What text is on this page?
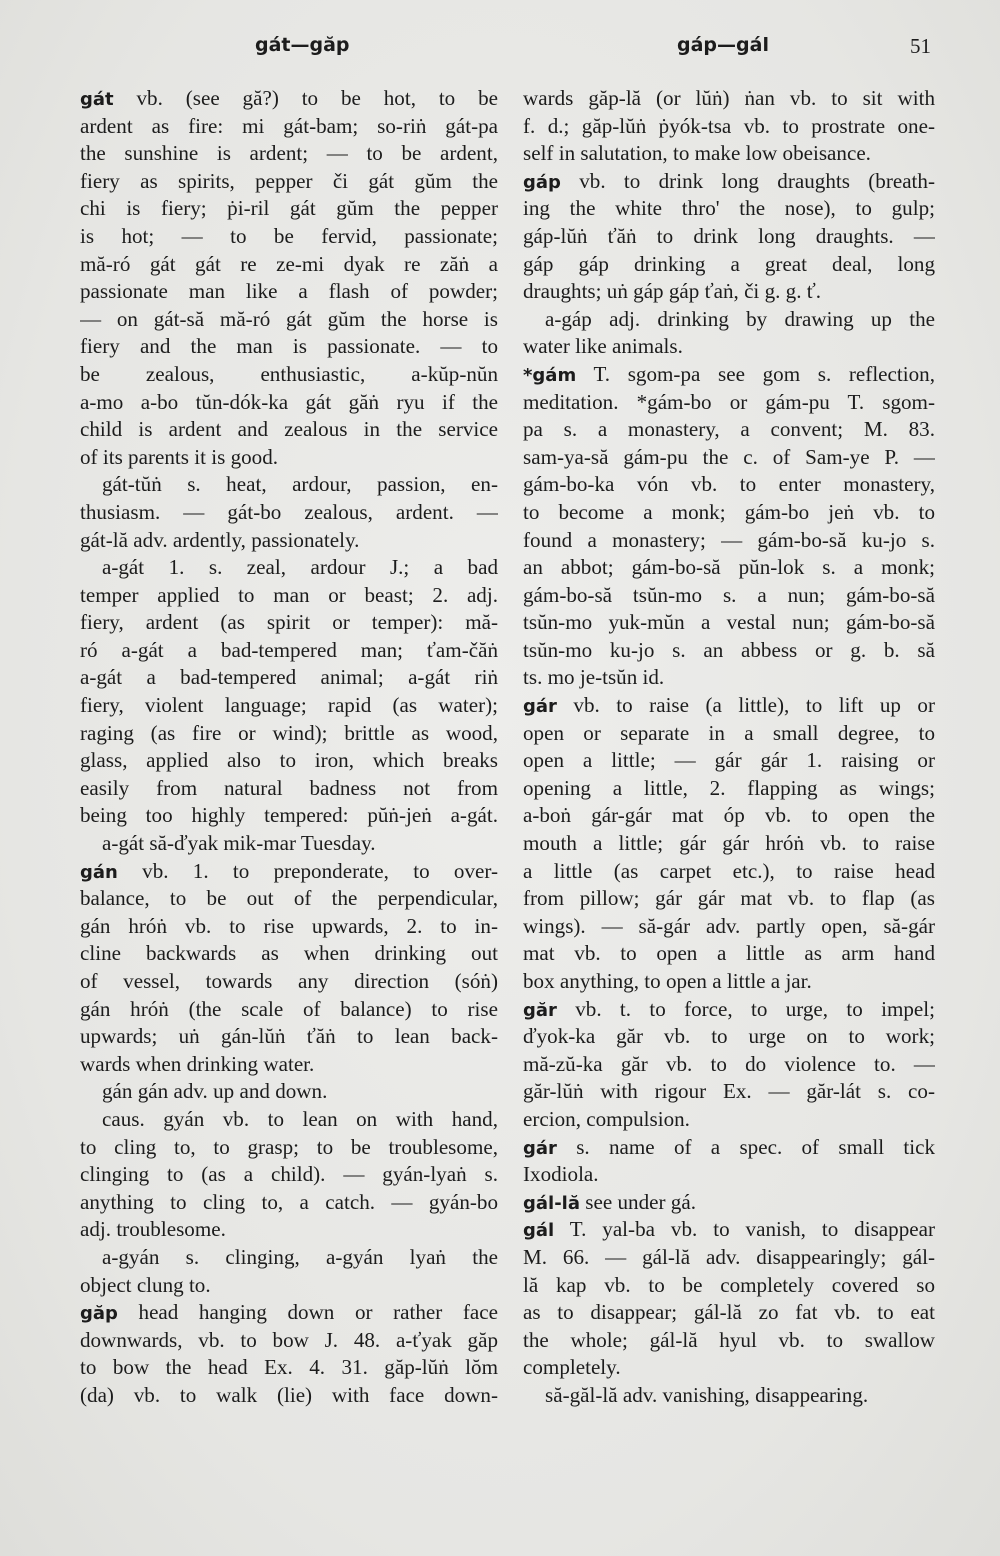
gát—găp	gáp—gál	51
gát vb. (see gă?) to be hot, to be
ardent as fire: mi gát-bam; so-riṅ gát-pa
the sunshine is ardent; — to be ardent,
fiery as spirits, pepper či gát gŭm the
chi is fiery; ṗi-ril gát gŭm the pepper
is hot; — to be fervid, passionate;
mă-ró gát gát re ze-mi dyak re zăṅ a
passionate man like a flash of powder;
— on gát-să mă-ró gát gŭm the horse is
fiery and the man is passionate. — to
be zealous, enthusiastic, a-kŭp-nŭn
a-mo a-bo tŭn-dók-ka gát găṅ ryu if the
child is ardent and zealous in the service
of its parents it is good.
gát-tŭṅ s. heat, ardour, passion, en-
thusiasm. — gát-bo zealous, ardent. —
gát-lă adv. ardently, passionately.
a-gát 1. s. zeal, ardour J.; a bad
temper applied to man or beast; 2. adj.
fiery, ardent (as spirit or temper): mă-
ró a-gát a bad-tempered man; ťam-čăṅ
a-gát a bad-tempered animal; a-gát riṅ
fiery, violent language; rapid (as water);
raging (as fire or wind); brittle as wood,
glass, applied also to iron, which breaks
easily from natural badness not from
being too highly tempered: pŭṅ-jeṅ a-gát.
a-gát să-ďyak mik-mar Tuesday.
gán vb. 1. to preponderate, to over-
balance, to be out of the perpendicular,
gán hróṅ vb. to rise upwards, 2. to in-
cline backwards as when drinking out
of vessel, towards any direction (sóṅ)
gán hróṅ (the scale of balance) to rise
upwards; uṅ gán-lŭṅ ťăṅ to lean back-
wards when drinking water.
gán gán adv. up and down.
caus. gyán vb. to lean on with hand,
to cling to, to grasp; to be troublesome,
clinging to (as a child). — gyán-lyaṅ s.
anything to cling to, a catch. — gyán-bo
adj. troublesome.
a-gyán s. clinging, a-gyán lyaṅ the
object clung to.
găp head hanging down or rather face
downwards, vb. to bow J. 48. a-ťyak găp
to bow the head Ex. 4. 31. găp-lŭṅ lŏm
(da) vb. to walk (lie) with face down-
wards găp-lă (or lŭṅ) ṅan vb. to sit with
f. d.; găp-lŭṅ ṗyók-tsa vb. to prostrate one-
self in salutation, to make low obeisance.
gáp vb. to drink long draughts (breath-
ing the white thro' the nose), to gulp;
gáp-lŭṅ ťăṅ to drink long draughts. —
gáp gáp drinking a great deal, long
draughts; uṅ gáp gáp ťaṅ, či g. g. ť.
a-gáp adj. drinking by drawing up the
water like animals.
*gám T. sgom-pa see gom s. reflection,
meditation. *gám-bo or gám-pu T. sgom-
pa s. a monastery, a convent; M. 83.
sam-ya-să gám-pu the c. of Sam-ye P. —
gám-bo-ka vón vb. to enter monastery,
to become a monk; gám-bo jeṅ vb. to
found a monastery; — gám-bo-să ku-jo s.
an abbot; gám-bo-să pŭn-lok s. a monk;
gám-bo-să tsŭn-mo s. a nun; gám-bo-să
tsŭn-mo yuk-mŭn a vestal nun; gám-bo-să
tsŭn-mo ku-jo s. an abbess or g. b. să
ts. mo je-tsŭn id.
gár vb. to raise (a little), to lift up or
open or separate in a small degree, to
open a little; — gár gár 1. raising or
opening a little, 2. flapping as wings;
a-boṅ gár-gár mat óp vb. to open the
mouth a little; gár gár hróṅ vb. to raise
a little (as carpet etc.), to raise head
from pillow; gár gár mat vb. to flap (as
wings). — să-gár adv. partly open, să-gár
mat vb. to open a little as arm hand
box anything, to open a little a jar.
găr vb. t. to force, to urge, to impel;
ďyok-ka găr vb. to urge on to work;
mă-zŭ-ka găr vb. to do violence to. —
găr-lŭṅ with rigour Ex. — găr-lát s. co-
ercion, compulsion.
gár s. name of a spec. of small tick
Ixodiola.
gál-lă see under gá.
gál T. yal-ba vb. to vanish, to disappear
M. 66. — gál-lă adv. disappearingly; gál-
lă kap vb. to be completely covered so
as to disappear; gál-lă zo fat vb. to eat
the whole; gál-lă hyul vb. to swallow
completely.
să-găl-lă adv. vanishing, disappearing.
